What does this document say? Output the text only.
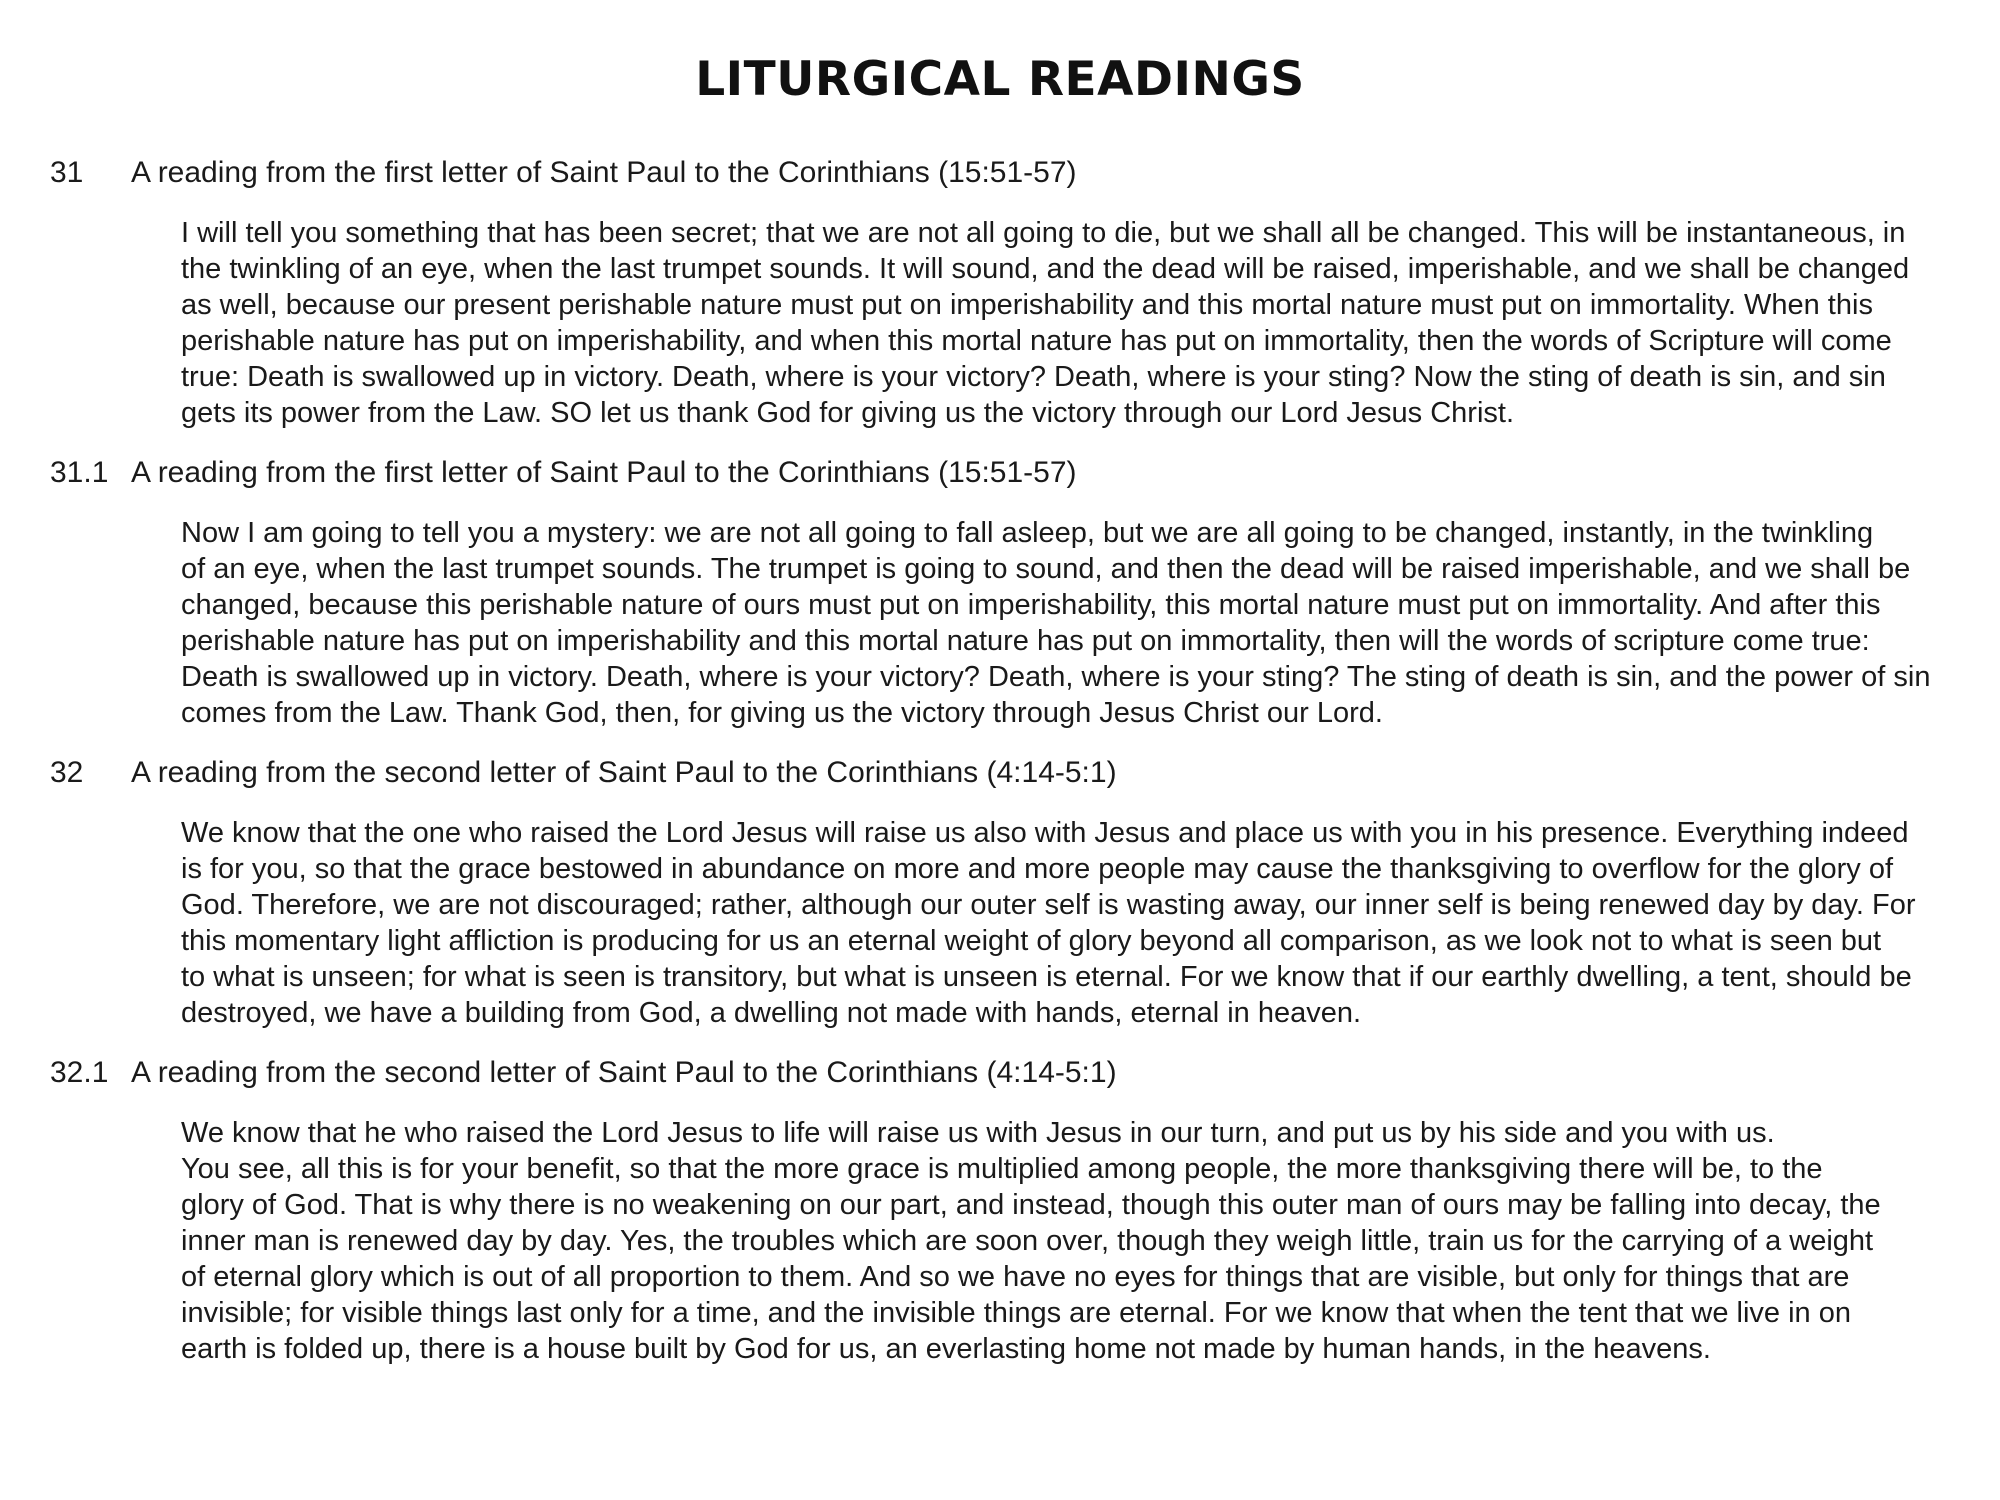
LITURGICAL READINGS
31	A reading from the first letter of Saint Paul to the Corinthians (15:51-57)
I will tell you something that has been secret; that we are not all going to die, but we shall all be changed. This will be instantaneous, in
the twinkling of an eye, when the last trumpet sounds. It will sound, and the dead will be raised, imperishable, and we shall be changed
as well, because our present perishable nature must put on imperishability and this mortal nature must put on immortality. When this
perishable nature has put on imperishability, and when this mortal nature has put on immortality, then the words of Scripture will come
true: Death is swallowed up in victory. Death, where is your victory? Death, where is your sting? Now the sting of death is sin, and sin
gets its power from the Law. SO let us thank God for giving us the victory through our Lord Jesus Christ.
31.1 A reading from the first letter of Saint Paul to the Corinthians (15:51-57)
Now I am going to tell you a mystery: we are not all going to fall asleep, but we are all going to be changed, instantly, in the twinkling
of an eye, when the last trumpet sounds. The trumpet is going to sound, and then the dead will be raised imperishable, and we shall be
changed, because this perishable nature of ours must put on imperishability, this mortal nature must put on immortality. And after this
perishable nature has put on imperishability and this mortal nature has put on immortality, then will the words of scripture come true:
Death is swallowed up in victory. Death, where is your victory? Death, where is your sting? The sting of death is sin, and the power of sin
comes from the Law. Thank God, then, for giving us the victory through Jesus Christ our Lord.
32	A reading from the second letter of Saint Paul to the Corinthians (4:14-5:1)
We know that the one who raised the Lord Jesus will raise us also with Jesus and place us with you in his presence. Everything indeed
is for you, so that the grace bestowed in abundance on more and more people may cause the thanksgiving to overflow for the glory of
God. Therefore, we are not discouraged; rather, although our outer self is wasting away, our inner self is being renewed day by day. For
this momentary light affliction is producing for us an eternal weight of glory beyond all comparison, as we look not to what is seen but
to what is unseen; for what is seen is transitory, but what is unseen is eternal. For we know that if our earthly dwelling, a tent, should be
destroyed, we have a building from God, a dwelling not made with hands, eternal in heaven.
32.1 A reading from the second letter of Saint Paul to the Corinthians (4:14-5:1)
We know that he who raised the Lord Jesus to life will raise us with Jesus in our turn, and put us by his side and you with us.
You see, all this is for your benefit, so that the more grace is multiplied among people, the more thanksgiving there will be, to the
glory of God. That is why there is no weakening on our part, and instead, though this outer man of ours may be falling into decay, the
inner man is renewed day by day. Yes, the troubles which are soon over, though they weigh little, train us for the carrying of a weight
of eternal glory which is out of all proportion to them. And so we have no eyes for things that are visible, but only for things that are
invisible; for visible things last only for a time, and the invisible things are eternal. For we know that when the tent that we live in on
earth is folded up, there is a house built by God for us, an everlasting home not made by human hands, in the heavens.
